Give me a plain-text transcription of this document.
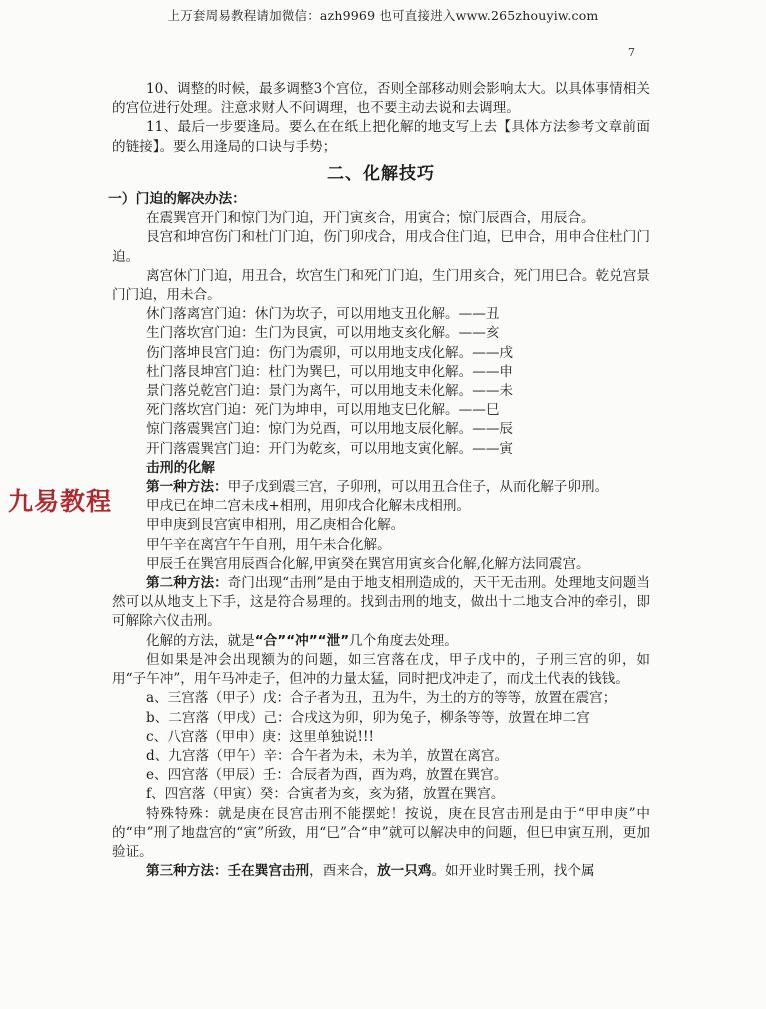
上万套周易教程请加微信：azh9969 也可直接进入www.265zhouyiw.com
7
九易教程

10、调整的时候，最多调整3个宫位，否则全部移动则会影响太大。以具体事情相关的宫位进行处理。注意求财人不问调理，也不要主动去说和去调理。

11、最后一步要逢局。要么在在纸上把化解的地支写上去【具体方法参考文章前面的链接】。要么用逢局的口诀与手势；

二、化解技巧

一）门迫的解决办法：

在震巽宫开门和惊门为门迫，开门寅亥合，用寅合；惊门辰酉合，用辰合。

艮宫和坤宫伤门和杜门门迫，伤门卯戌合，用戌合住门迫，巳申合，用申合住杜门门迫。

离宫休门门迫，用丑合，坎宫生门和死门门迫，生门用亥合，死门用巳合。乾兑宫景门门迫，用未合。

休门落离宫门迫：休门为坎子，可以用地支丑化解。——丑

生门落坎宫门迫：生门为艮寅，可以用地支亥化解。——亥

伤门落坤艮宫门迫：伤门为震卯，可以用地支戌化解。——戌

杜门落艮坤宫门迫：杜门为巽巳，可以用地支申化解。——申

景门落兑乾宫门迫：景门为离午，可以用地支未化解。——未

死门落坎宫门迫：死门为坤申，可以用地支巳化解。——巳

惊门落震巽宫门迫：惊门为兑酉，可以用地支辰化解。——辰

开门落震巽宫门迫：开门为乾亥，可以用地支寅化解。——寅

击刑的化解

第一种方法：甲子戊到震三宫，子卯刑，可以用丑合住子，从而化解子卯刑。

甲戌已在坤二宫未戌+相刑，用卯戌合化解未戌相刑。

甲申庚到艮宫寅申相刑，用乙庚相合化解。

甲午辛在离宫午午自刑，用午未合化解。

甲辰壬在巽宫用辰酉合化解,甲寅癸在巽宫用寅亥合化解,化解方法同震宫。

第二种方法：奇门出现“击刑”是由于地支相刑造成的，天干无击刑。处理地支问题当然可以从地支上下手，这是符合易理的。找到击刑的地支，做出十二地支合冲的牵引，即可解除六仪击刑。

化解的方法，就是“合”“冲”“泄”几个角度去处理。

但如果是冲会出现额为的问题，如三宫落在戊，甲子戊中的，子刑三宫的卯，如用“子午冲”，用午马冲走子，但冲的力量太猛，同时把戊冲走了，而戊土代表的钱钱。

a、三宫落（甲子）戊：合子者为丑，丑为牛，为土的方的等等，放置在震宫；

b、二宫落（甲戌）己：合戌这为卯，卯为兔子，柳条等等，放置在坤二宫

c、八宫落（甲申）庚：这里单独说!!!

d、九宫落（甲午）辛：合午者为未，未为羊，放置在离宫。

e、四宫落（甲辰）壬：合辰者为酉，酉为鸡，放置在巽宫。

f、四宫落（甲寅）癸：合寅者为亥，亥为猪，放置在巽宫。

特殊特殊：就是庚在艮宫击刑不能摆蛇！按说，庚在艮宫击刑是由于“甲申庚”中的“申”刑了地盘宫的“寅”所致，用“巳”合“申”就可以解决申的问题，但巳申寅互刑，更加验证。

第三种方法：壬在巽宫击刑，酉来合，放一只鸡。如开业时巽壬刑，找个属
